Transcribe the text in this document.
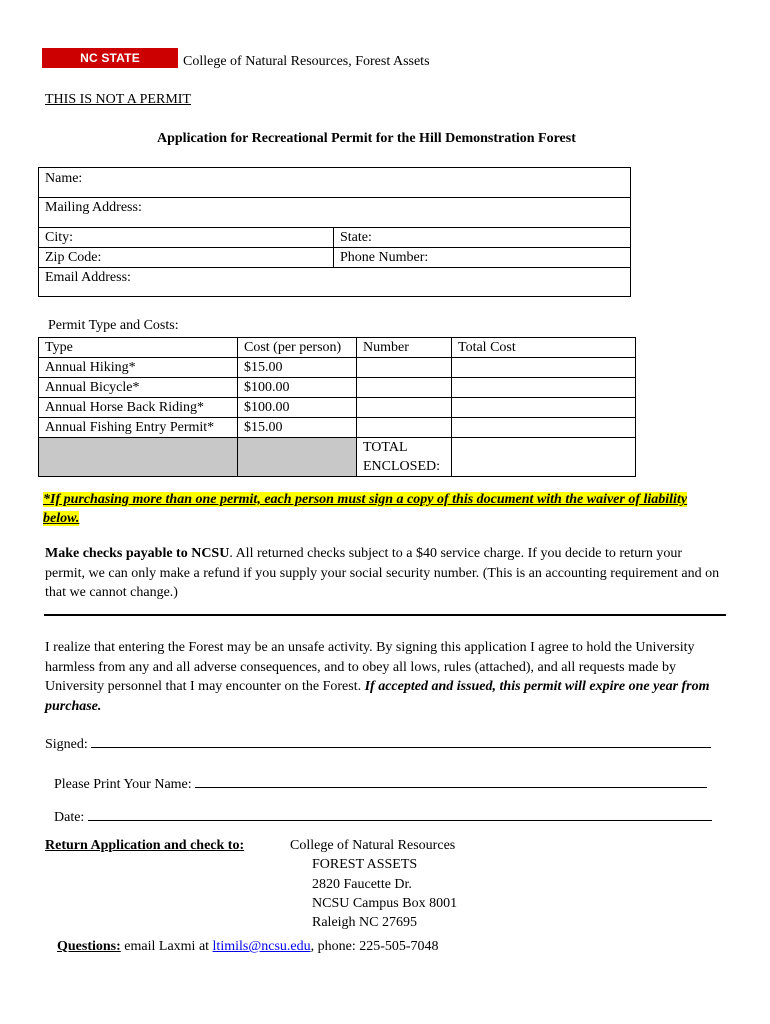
NC STATE UNIVERSITY
College of Natural Resources, Forest Assets
THIS IS NOT A PERMIT
Application for Recreational Permit for the Hill Demonstration Forest
Name:	
Mailing Address:	
City:	State:
Zip Code:	Phone Number:
Email Address:	
Permit Type and Costs:
Type	Cost (per person)	Number	Total Cost
Annual Hiking*	$15.00		
Annual Bicycle*	$100.00		
Annual Horse Back Riding*	$100.00		
Annual Fishing Entry Permit*	$15.00		

		TOTAL
ENCLOSED:	

*If purchasing more than one permit, each person must sign a copy of this document with the waiver of liability below.
Make checks payable to NCSU. All returned checks subject to a $40 service charge. If you decide to return your permit, we can only make a refund if you supply your social security number. (This is an accounting requirement and on that we cannot change.)
I realize that entering the Forest may be an unsafe activity. By signing this application I agree to hold the University harmless from any and all adverse consequences, and to obey all lows, rules (attached), and all requests made by University personnel that I may encounter on the Forest. If accepted and issued, this permit will expire one year from purchase.
Signed:
Please Print Your Name:
Date:
Return Application and check to:	College of Natural Resources
FOREST ASSETS
2820 Faucette Dr.
NCSU Campus Box 8001
Raleigh NC 27695
Questions: email Laxmi at ltimils@ncsu.edu, phone: 225-505-7048
